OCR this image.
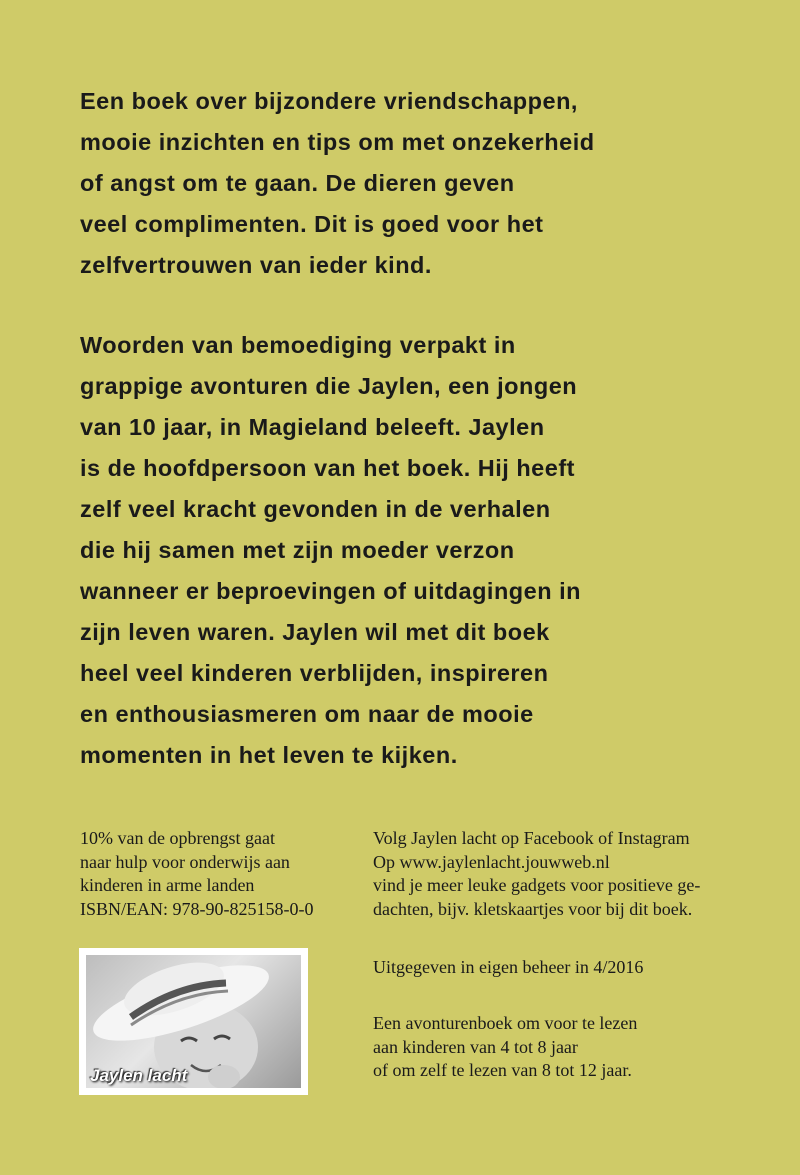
Een boek over bijzondere vriendschappen,
mooie inzichten en tips om met onzekerheid
of angst om te gaan. De dieren geven
veel complimenten. Dit is goed voor het
zelfvertrouwen van ieder kind.
Woorden van bemoediging verpakt in
grappige avonturen die Jaylen, een jongen
van 10 jaar, in Magieland beleeft. Jaylen
is de hoofdpersoon van het boek. Hij heeft
zelf veel kracht gevonden in de verhalen
die hij samen met zijn moeder verzon
wanneer er beproevingen of uitdagingen in
zijn leven waren. Jaylen wil met dit boek
heel veel kinderen verblijden, inspireren
en enthousiasmeren om naar de mooie
momenten in het leven te kijken.
10% van de opbrengst gaat
naar hulp voor onderwijs aan
kinderen in arme landen
ISBN/EAN: 978-90-825158-0-0
Volg Jaylen lacht op Facebook of Instagram
Op www.jaylenlacht.jouwweb.nl
vind je meer leuke gadgets voor positieve ge-
dachten, bijv. kletskaartjes voor bij dit boek.
Uitgegeven in eigen beheer in 4/2016
Een avonturenboek om voor te lezen
aan kinderen van 4 tot 8 jaar
of om zelf te lezen van 8 tot 12 jaar.
Jaylen lacht
